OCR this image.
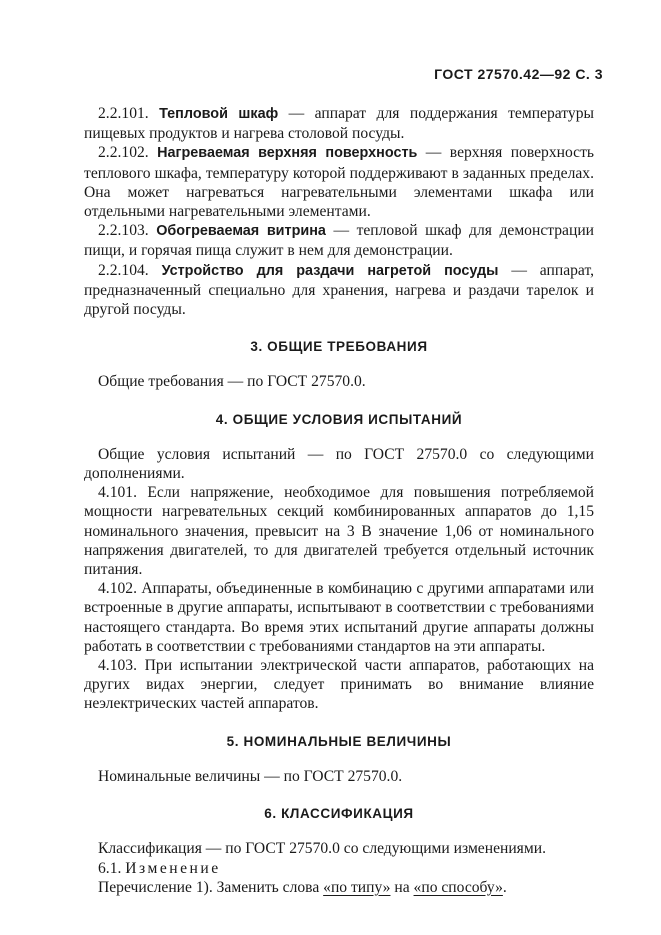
ГОСТ 27570.42—92 С. 3

2.2.101. Тепловой шкаф — аппарат для поддержания температуры пищевых продуктов и нагрева столовой посуды.

2.2.102. Нагреваемая верхняя поверхность — верхняя поверхность теплового шкафа, температуру которой поддерживают в заданных пределах. Она может нагреваться нагревательными элементами шкафа или отдельными нагревательными элементами.

2.2.103. Обогреваемая витрина — тепловой шкаф для демонстрации пищи, и горячая пища служит в нем для демонстрации.

2.2.104. Устройство для раздачи нагретой посуды — аппарат, предназначенный специально для хранения, нагрева и раздачи тарелок и другой посуды.

3. ОБЩИЕ ТРЕБОВАНИЯ

Общие требования — по ГОСТ 27570.0.

4. ОБЩИЕ УСЛОВИЯ ИСПЫТАНИЙ

Общие условия испытаний — по ГОСТ 27570.0 со следующими дополнениями.

4.101. Если напряжение, необходимое для повышения потребляемой мощности нагревательных секций комбинированных аппаратов до 1,15 номинального значения, превысит на 3 В значение 1,06 от номинального напряжения двигателей, то для двигателей требуется отдельный источник питания.

4.102. Аппараты, объединенные в комбинацию с другими аппаратами или встроенные в другие аппараты, испытывают в соответствии с требованиями настоящего стандарта. Во время этих испытаний другие аппараты должны работать в соответствии с требованиями стандартов на эти аппараты.

4.103. При испытании электрической части аппаратов, работающих на других видах энергии, следует принимать во внимание влияние неэлектрических частей аппаратов.

5. НОМИНАЛЬНЫЕ ВЕЛИЧИНЫ

Номинальные величины — по ГОСТ 27570.0.

6. КЛАССИФИКАЦИЯ

Классификация — по ГОСТ 27570.0 со следующими изменениями.

6.1. Изменение

Перечисление 1). Заменить слова «по типу» на «по способу».
